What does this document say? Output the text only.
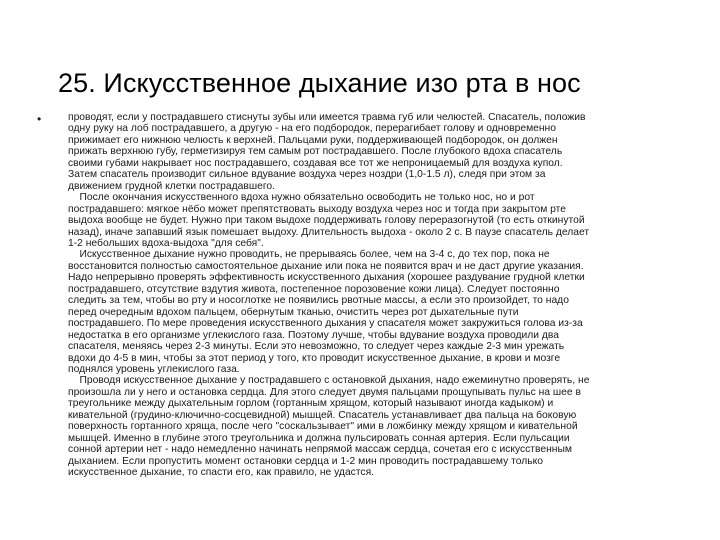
25. Искусственное дыхание изо рта в нос
•	проводят, если у пострадавшего стиснуты зубы или имеется травма губ или челюстей. Спасатель, положив
одну руку на лоб пострадавшего, а другую - на его подбородок, перерагибает голову и одновременно
прижимает его нижнюю челюсть к верхней. Пальцами руки, поддерживающей подбородок, он должен
прижать верхнюю губу, герметизируя тем самым рот пострадавшего. После глубокого вдоха спасатель
своими губами накрывает нос пострадавшего, создавая все тот же непроницаемый для воздуха купол.
Затем спасатель производит сильное вдувание воздуха через ноздри (1,0-1.5 л), следя при этом за
движением грудной клетки пострадавшего.
После окончания искусственного вдоха нужно обязательно освободить не только нос, но и рот
пострадавшего: мягкое нёбо может препятствовать выходу воздуха через нос и тогда при закрытом рте
выдоха вообще не будет. Нужно при таком выдохе поддерживать голову переразогнутой (то есть откинутой
назад), иначе запавший язык помешает выдоху. Длительность выдоха - около 2 с. В паузе спасатель делает
1-2 небольших вдоха-выдоха "для себя".
Искусственное дыхание нужно проводить, не прерываясь более, чем на 3-4 с, до тех пор, пока не
восстановится полностью самостоятельное дыхание или пока не появится врач и не даст другие указания.
Надо непрерывно проверять эффективность искусственного дыхания (хорошее раздувание грудной клетки
пострадавшего, отсутствие вздутия живота, постепенное порозовение кожи лица). Следует постоянно
следить за тем, чтобы во рту и носоглотке не появились рвотные массы, а если это произойдет, то надо
перед очередным вдохом пальцем, обернутым тканью, очистить через рот дыхательные пути
пострадавшего. По мере проведения искусственного дыхания у спасателя может закружиться голова из-за
недостатка в его организме углекислого газа. Поэтому лучше, чтобы вдувание воздуха проводили два
спасателя, меняясь через 2-3 минуты. Если это невозможно, то следует через каждые 2-3 мин урежать
вдохи до 4-5 в мин, чтобы за этот период у того, кто проводит искусственное дыхание, в крови и мозге
поднялся уровень углекислого газа.
Проводя искусственное дыхание у пострадавшего с остановкой дыхания, надо ежеминутно проверять, не
произошла ли у него и остановка сердца. Для этого следует двумя пальцами прощупывать пульс на шее в
треугольнике между дыхательным горлом (гортанным хрящом, который называют иногда кадыком) и
кивательной (грудино-ключично-сосцевидной) мышцей. Спасатель устанавливает два пальца на боковую
поверхность гортанного хряща, после чего "соскальзывает" ими в ложбинку между хрящом и кивательной
мышцей. Именно в глубине этого треугольника и должна пульсировать сонная артерия. Если пульсации
сонной артерии нет - надо немедленно начинать непрямой массаж сердца, сочетая его с искусственным
дыханием. Если пропустить момент остановки сердца и 1-2 мин проводить пострадавшему только
искусственное дыхание, то спасти его, как правило, не удастся.
